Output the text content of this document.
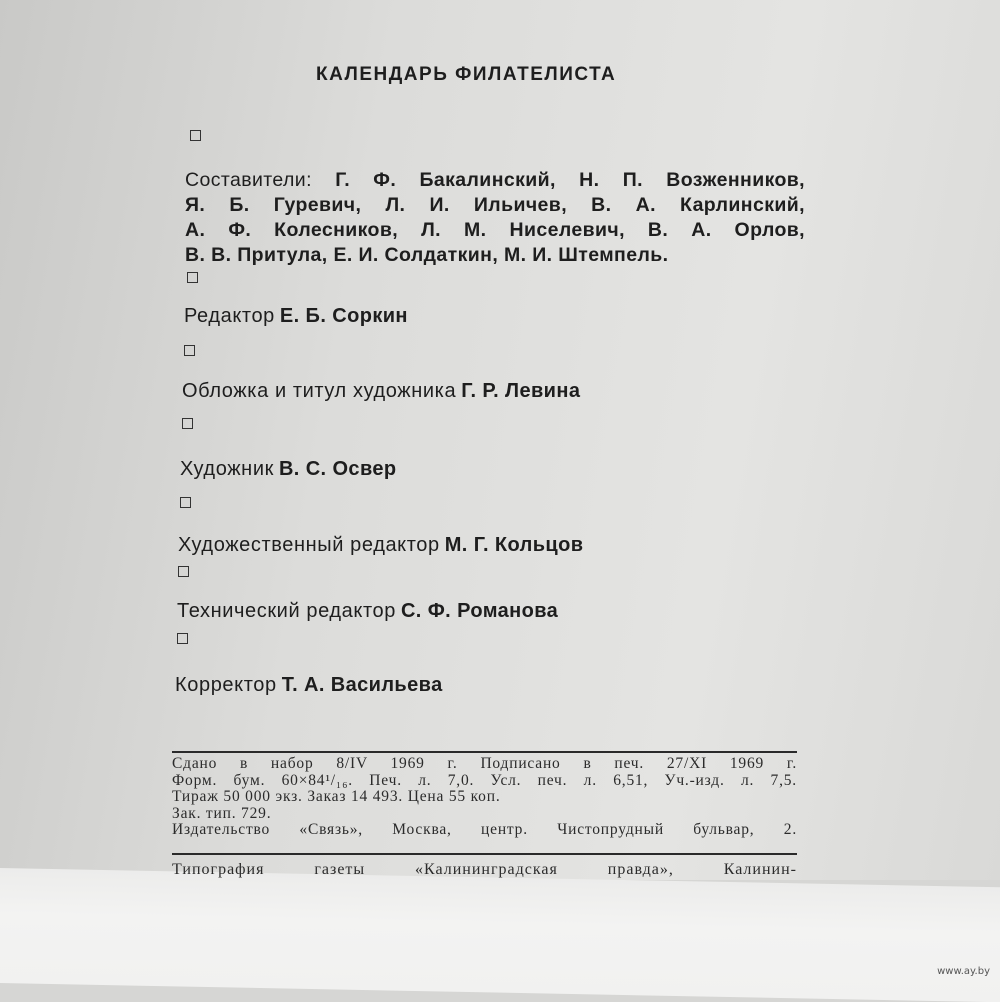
КАЛЕНДАРЬ ФИЛАТЕЛИСТА
Составители: Г. Ф. Бакалинский, Н. П. Возженников,
Я. Б. Гуревич, Л. И. Ильичев, В. А. Карлинский,
А. Ф. Колесников, Л. М. Ниселевич, В. А. Орлов,
В. В. Притула, Е. И. Солдаткин, М. И. Штемпель.
Редактор Е. Б. Соркин
Обложка и титул художника Г. Р. Левина
Художник В. С. Освер
Художественный редактор М. Г. Кольцов
Технический редактор С. Ф. Романова
Корректор Т. А. Васильева
Сдано в набор 8/IV 1969 г. Подписано в печ. 27/XI 1969 г.
Форм. бум. 60×84¹/₁₆. Печ. л. 7,0. Усл. печ. л. 6,51, Уч.-изд. л. 7,5.
Тираж 50 000 экз. Заказ 14 493. Цена 55 коп.
Зак. тип. 729.
Издательство «Связь», Москва, центр. Чистопрудный бульвар, 2.
Типография газеты «Калининградская правда», Калинин-
www.ay.by
